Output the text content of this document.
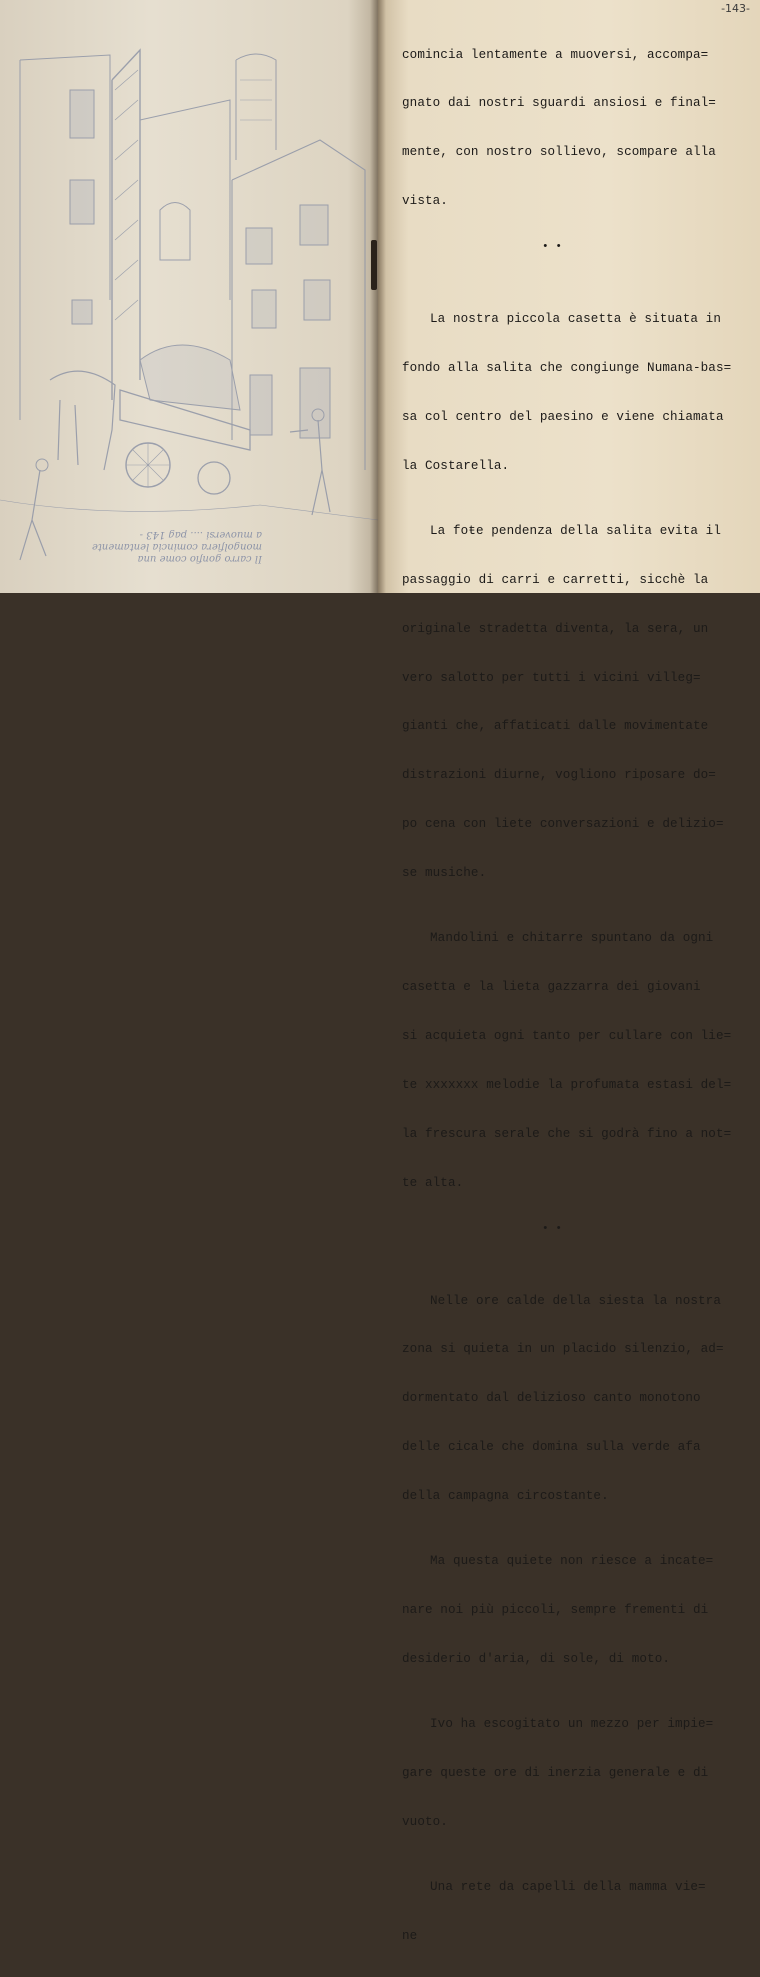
Il carro gonfio come una
mongolfiera comincia lentamente
a muoversi .... pag 143 -
-143-

comincia lentamente a muoversi, accompa=

gnato dai nostri sguardi ansiosi e final=

mente, con nostro sollievo, scompare alla

vista.

• •

La nostra piccola casetta è situata in

fondo alla salita che congiunge Numana-bas=

sa col centro del paesino e viene chiamata

la Costarella.

La foŧe pendenza della salita evita il

passaggio di carri e carretti, sicchè la

originale stradetta diventa, la sera, un

vero salotto per tutti i vicini villeg=

gianti che, affaticati dalle movimentate

distrazioni diurne, vogliono riposare do=

po cena con liete conversazioni e delizio=

se musiche.

Mandolini e chitarre spuntano da ogni

casetta e la lieta gazzarra dei giovani

si acquieta ogni tanto per cullare con lie=

te xxxxxxx melodie la profumata estasi del=

la frescura serale che si godrà fino a not=

te alta.

• •

Nelle ore calde della siesta la nostra

zona si quieta in un placido silenzio, ad=

dormentato dal delizioso canto monotono

delle cicale che domina sulla verde afa

della campagna circostante.

Ma questa quiete non riesce a incate=

nare noi più piccoli, sempre frementi di

desiderio d'aria, di sole, di moto.

Ivo ha escogitato un mezzo per impie=

gare queste ore di inerzia generale e di

vuoto.

Una rete da capelli della mamma vie=

ne
